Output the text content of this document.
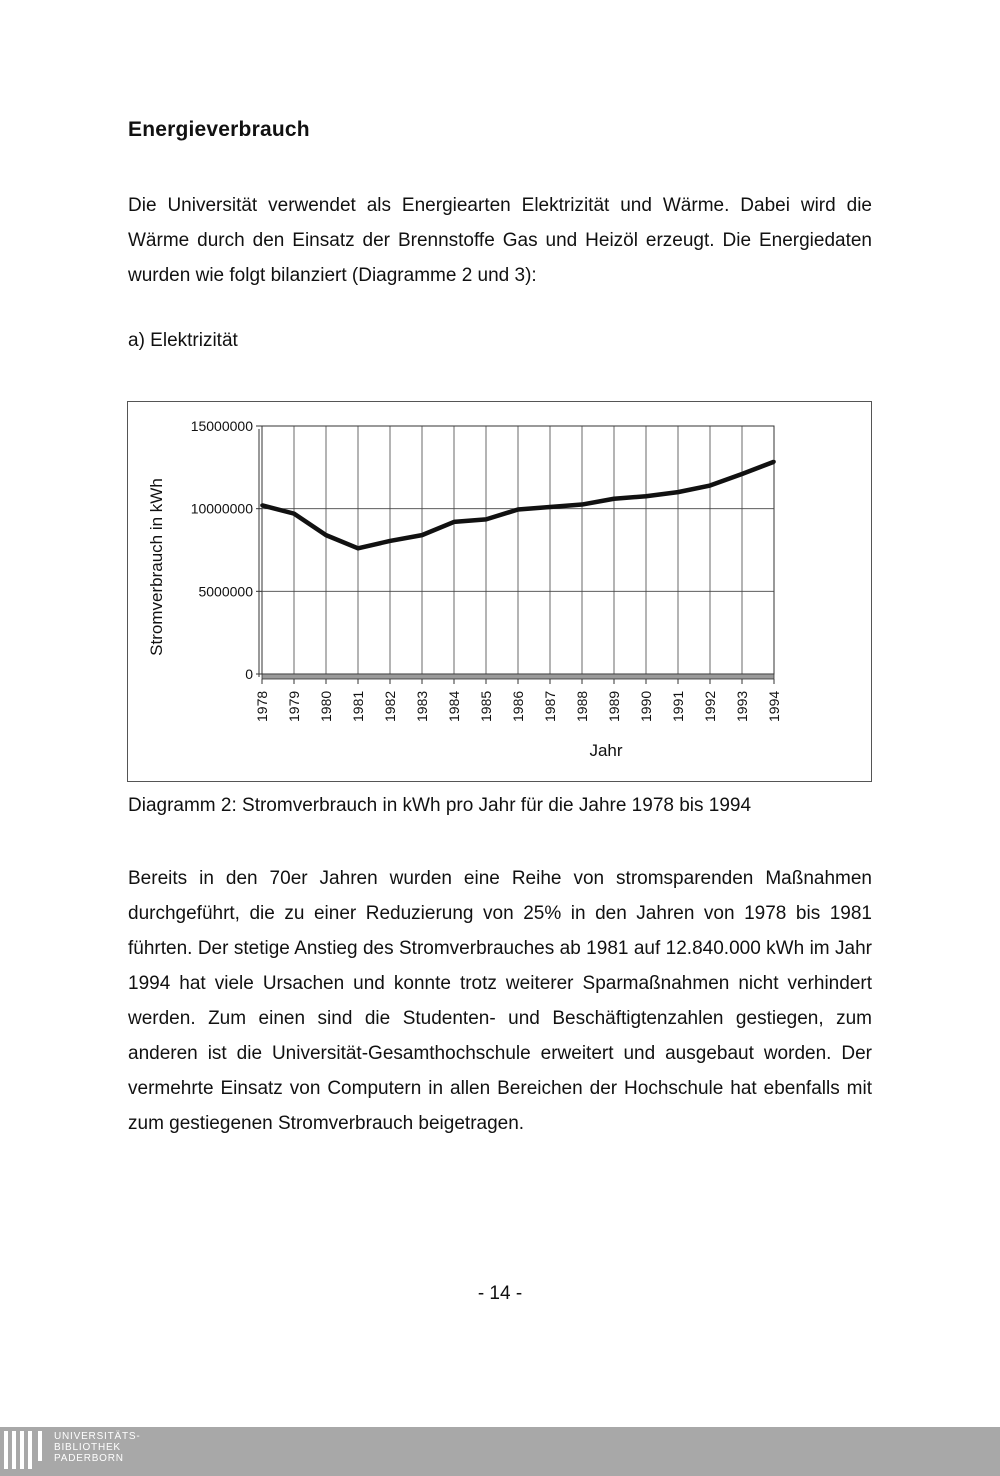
Energieverbrauch

Die Universität verwendet als Energiearten Elektrizität und Wärme. Dabei wird die Wärme durch den Einsatz der Brennstoffe Gas und Heizöl erzeugt. Die Energiedaten wurden wie folgt bilanziert (Diagramme 2 und 3):

a) Elektrizität

0
5000000
10000000
15000000
1978 1979 1980 1981 1982 1983 1984 1985 1986 1987 1988 1989 1990 1991 1992 1993 1994
Stromverbrauch in kWh
Jahr

Diagramm 2: Stromverbrauch in kWh pro Jahr für die Jahre 1978 bis 1994

Bereits in den 70er Jahren wurden eine Reihe von stromsparenden Maßnahmen durchgeführt, die zu einer Reduzierung von 25% in den Jahren von 1978 bis 1981 führten. Der stetige Anstieg des Stromverbrauches ab 1981 auf 12.840.000 kWh im Jahr 1994 hat viele Ursachen und konnte trotz weiterer Sparmaßnahmen nicht verhindert werden. Zum einen sind die Studenten- und Beschäftigtenzahlen gestiegen, zum anderen ist die Universität-Gesamthochschule erweitert und ausgebaut worden. Der vermehrte Einsatz von Computern in allen Bereichen der Hochschule hat ebenfalls mit zum gestiegenen Stromverbrauch beigetragen.

- 14 -

UNIVERSITÄTS-
BIBLIOTHEK
PADERBORN
